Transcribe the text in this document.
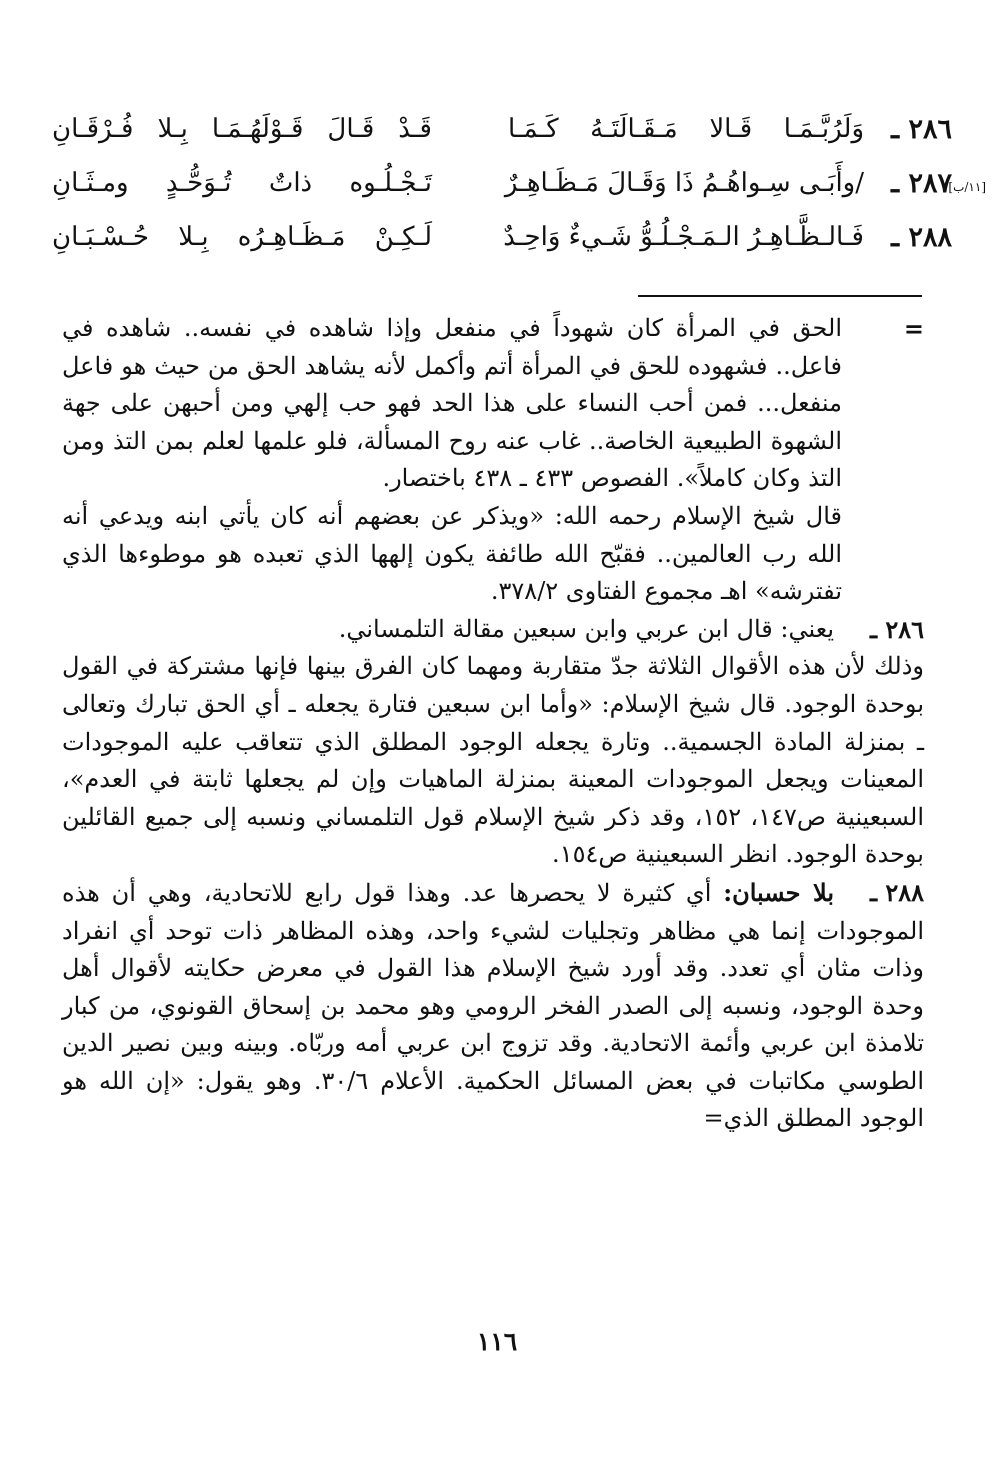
٢٨٦ ـ
وَلَرُبَّـمَـا قَـالا مَـقَـالَتَـهُ كَـمَـا
قَـدْ قَـالَ قَـوْلَهُـمَـا بِـلا فُـرْقَـانِ
[١١/ب]
٢٨٧ ـ
/وأَبَـى سِـواهُـمُ ذَا وَقَـالَ مَـظَـاهِـرٌ
تَـجْـلُـوه ذاتٌ تُـوَحُّـدٍ ومـثَـانِ
٢٨٨ ـ
فَـالـظَّـاهِـرُ الـمَـجْـلُـوُّ شَـيءٌ وَاحِـدٌ
لَـكِـنْ مَـظَـاهِـرُه بِـلا حُـسْـبَـانِ
=

الحق في المرأة كان شهوداً في منفعل وإذا شاهده في نفسه.. شاهده في فاعل.. فشهوده للحق في المرأة أتم وأكمل لأنه يشاهد الحق من حيث هو فاعل منفعل... فمن أحب النساء على هذا الحد فهو حب إلهي ومن أحبهن على جهة الشهوة الطبيعية الخاصة.. غاب عنه روح المسألة، فلو علمها لعلم بمن التذ ومن التذ وكان كاملاً». الفصوص ٤٣٣ ـ ٤٣٨ باختصار.

قال شيخ الإسلام رحمه الله: «ويذكر عن بعضهم أنه كان يأتي ابنه ويدعي أنه الله رب العالمين.. فقبّح الله طائفة يكون إلهها الذي تعبده هو موطوءها الذي تفترشه» اهـ مجموع الفتاوى ٣٧٨/٢.

٢٨٦ ـ

يعني: قال ابن عربي وابن سبعين مقالة التلمساني.

وذلك لأن هذه الأقوال الثلاثة جدّ متقاربة ومهما كان الفرق بينها فإنها مشتركة في القول بوحدة الوجود. قال شيخ الإسلام: «وأما ابن سبعين فتارة يجعله ـ أي الحق تبارك وتعالى ـ بمنزلة المادة الجسمية.. وتارة يجعله الوجود المطلق الذي تتعاقب عليه الموجودات المعينات ويجعل الموجودات المعينة بمنزلة الماهيات وإن لم يجعلها ثابتة في العدم»، السبعينية ص١٤٧، ١٥٢، وقد ذكر شيخ الإسلام قول التلمساني ونسبه إلى جميع القائلين بوحدة الوجود. انظر السبعينية ص١٥٤.

٢٨٨ ـ

بلا حسبان: أي كثيرة لا يحصرها عد. وهذا قول رابع للاتحادية، وهي أن هذه الموجودات إنما هي مظاهر وتجليات لشيء واحد، وهذه المظاهر ذات توحد أي انفراد وذات مثان أي تعدد. وقد أورد شيخ الإسلام هذا القول في معرض حكايته لأقوال أهل وحدة الوجود، ونسبه إلى الصدر الفخر الرومي وهو محمد بن إسحاق القونوي، من كبار تلامذة ابن عربي وأئمة الاتحادية. وقد تزوج ابن عربي أمه وربّاه. وبينه وبين نصير الدين الطوسي مكاتبات في بعض المسائل الحكمية. الأعلام ٣٠/٦. وهو يقول: «إن الله هو الوجود المطلق الذي=

١١٦
